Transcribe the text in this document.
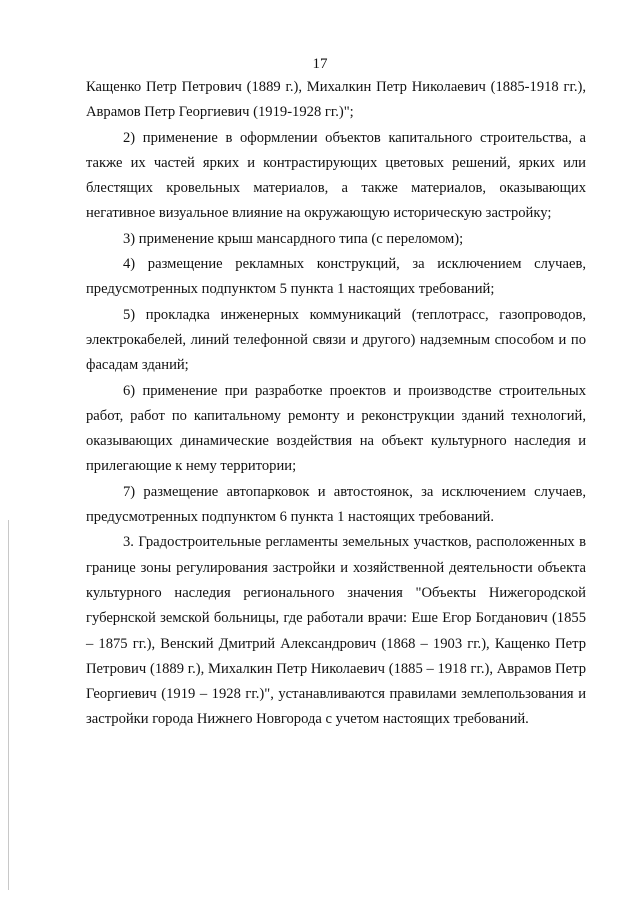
17

Кащенко Петр Петрович (1889 г.), Михалкин Петр Николаевич (1885-1918 гг.), Аврамов Петр Георгиевич (1919-1928 гг.)";

2) применение в оформлении объектов капитального строительства, а также их частей ярких и контрастирующих цветовых решений, ярких или блестящих кровельных материалов, а также материалов, оказывающих негативное визуальное влияние на окружающую историческую застройку;

3) применение крыш мансардного типа (с переломом);

4) размещение рекламных конструкций, за исключением случаев, предусмотренных подпунктом 5 пункта 1 настоящих требований;

5) прокладка инженерных коммуникаций (теплотрасс, газопроводов, электрокабелей, линий телефонной связи и другого) надземным способом и по фасадам зданий;

6) применение при разработке проектов и производстве строительных работ, работ по капитальному ремонту и реконструкции зданий технологий, оказывающих динамические воздействия на объект культурного наследия и прилегающие к нему территории;

7) размещение автопарковок и автостоянок, за исключением случаев, предусмотренных подпунктом 6 пункта 1 настоящих требований.

3. Градостроительные регламенты земельных участков, расположенных в границе зоны регулирования застройки и хозяйственной деятельности объекта культурного наследия регионального значения "Объекты Нижегородской губернской земской больницы, где работали врачи: Еше Егор Богданович (1855 – 1875 гг.), Венский Дмитрий Александрович (1868 – 1903 гг.), Кащенко Петр Петрович (1889 г.), Михалкин Петр Николаевич (1885 – 1918 гг.), Аврамов Петр Георгиевич (1919 – 1928 гг.)", устанавливаются правилами землепользования и застройки города Нижнего Новгорода с учетом настоящих требований.
